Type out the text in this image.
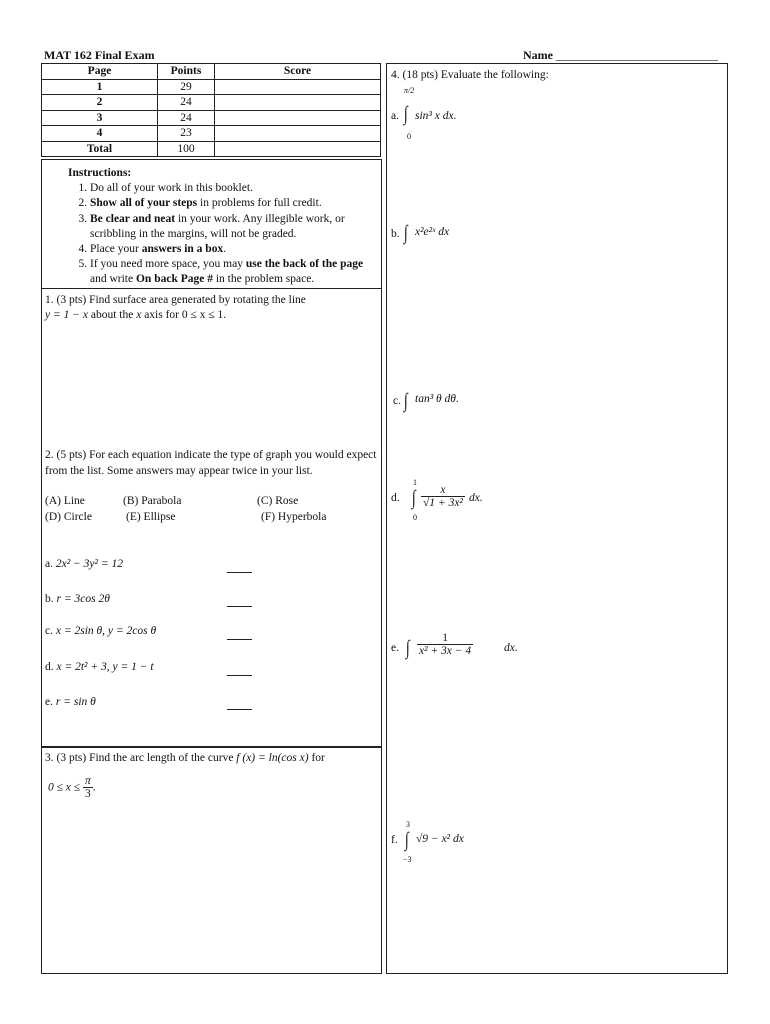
MAT 162 Final Exam	Name ___________________________
Page	Points	Score
1	29	
2	24	
3	24	
4	23	
Total	100	
Instructions:
1. Do all of your work in this booklet.
2. Show all of your steps in problems for full credit.
3. Be clear and neat in your work. Any illegible work, or scribbling in the margins, will not be graded.
4. Place your answers in a box.
5. If you need more space, you may use the back of the page and write On back Page # in the problem space.
1. (3 pts) Find surface area generated by rotating the line
y = 1 − x about the x axis for 0 ≤ x ≤ 1.
2. (5 pts) For each equation indicate the type of graph you would expect from the list. Some answers may appear twice in your list.
(A) Line	(B) Parabola	(C) Rose
(D) Circle	(E) Ellipse	(F) Hyperbola
a. 2x² − 3y² = 12
b. r = 3cos 2θ
c. x = 2sin θ, y = 2cos θ
d. x = 2t² + 3, y = 1 − t
e. r = sin θ
3. (3 pts) Find the arc length of the curve f (x) = ln(cos x) for
$0 \le x \le \frac{\pi}{3}$ .
4. (18 pts) Evaluate the following:
a.
π/2
∫
0
sin³ x dx.
b. ∫ x²e²ˣ dx
c. ∫ tan³ θ dθ.
d.
1
∫
0
$\frac{x}{\text{√1 + 3x²}}$ dx.
e. ∫ $\frac{1}{\text{x² + 3x − 4}}$	dx.
f.
3
∫
−3
√9 − x² dx
